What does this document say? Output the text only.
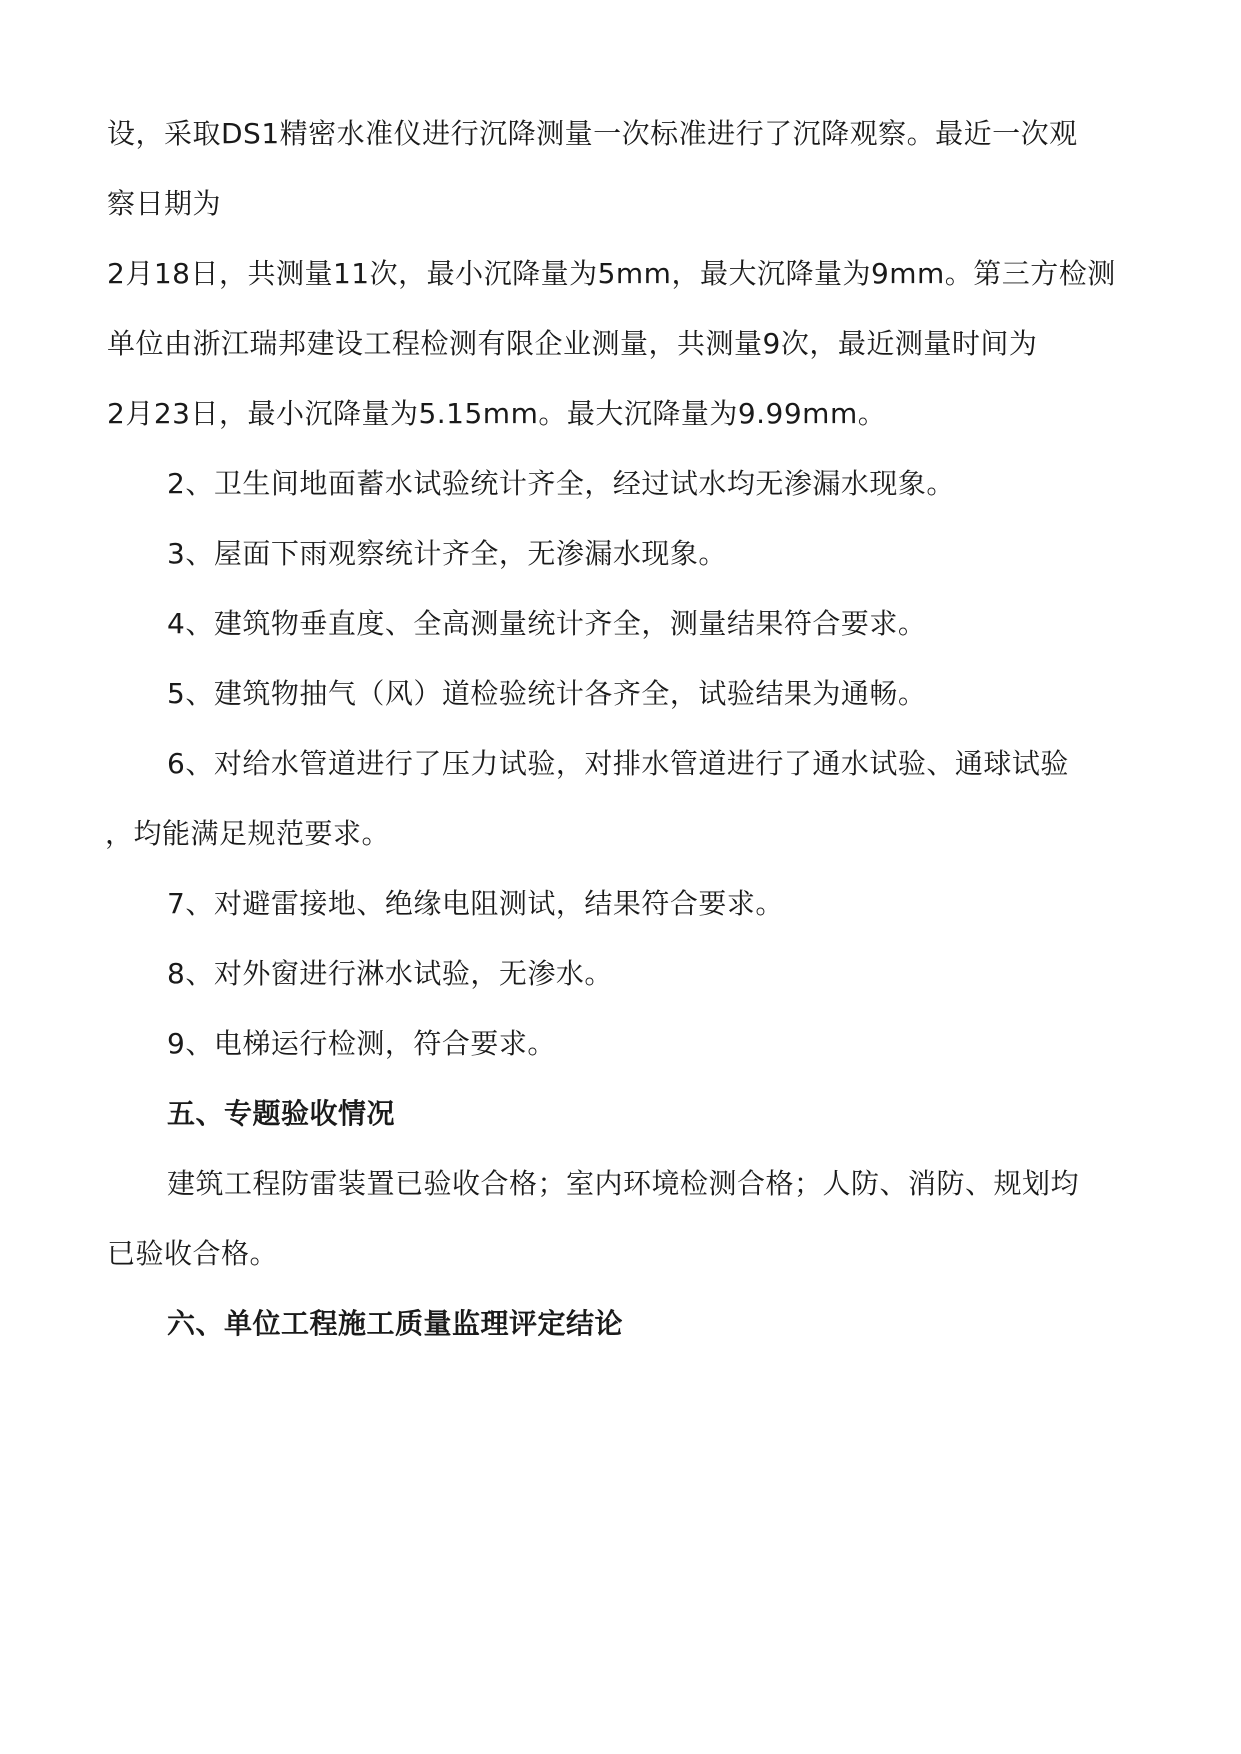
设，采取DS1精密水准仪进行沉降测量一次标准进行了沉降观察。最近一次观
察日期为
2月18日，共测量11次，最小沉降量为5mm，最大沉降量为9mm。第三方检测
单位由浙江瑞邦建设工程检测有限企业测量，共测量9次，最近测量时间为
2月23日，最小沉降量为5.15mm。最大沉降量为9.99mm。
2、卫生间地面蓄水试验统计齐全，经过试水均无渗漏水现象。
3、屋面下雨观察统计齐全，无渗漏水现象。
4、建筑物垂直度、全高测量统计齐全，测量结果符合要求。
5、建筑物抽气（风）道检验统计各齐全，试验结果为通畅。
6、对给水管道进行了压力试验，对排水管道进行了通水试验、通球试验
，均能满足规范要求。
7、对避雷接地、绝缘电阻测试，结果符合要求。
8、对外窗进行淋水试验，无渗水。
9、电梯运行检测，符合要求。
五、专题验收情况
建筑工程防雷装置已验收合格；室内环境检测合格；人防、消防、规划均
已验收合格。
六、单位工程施工质量监理评定结论
